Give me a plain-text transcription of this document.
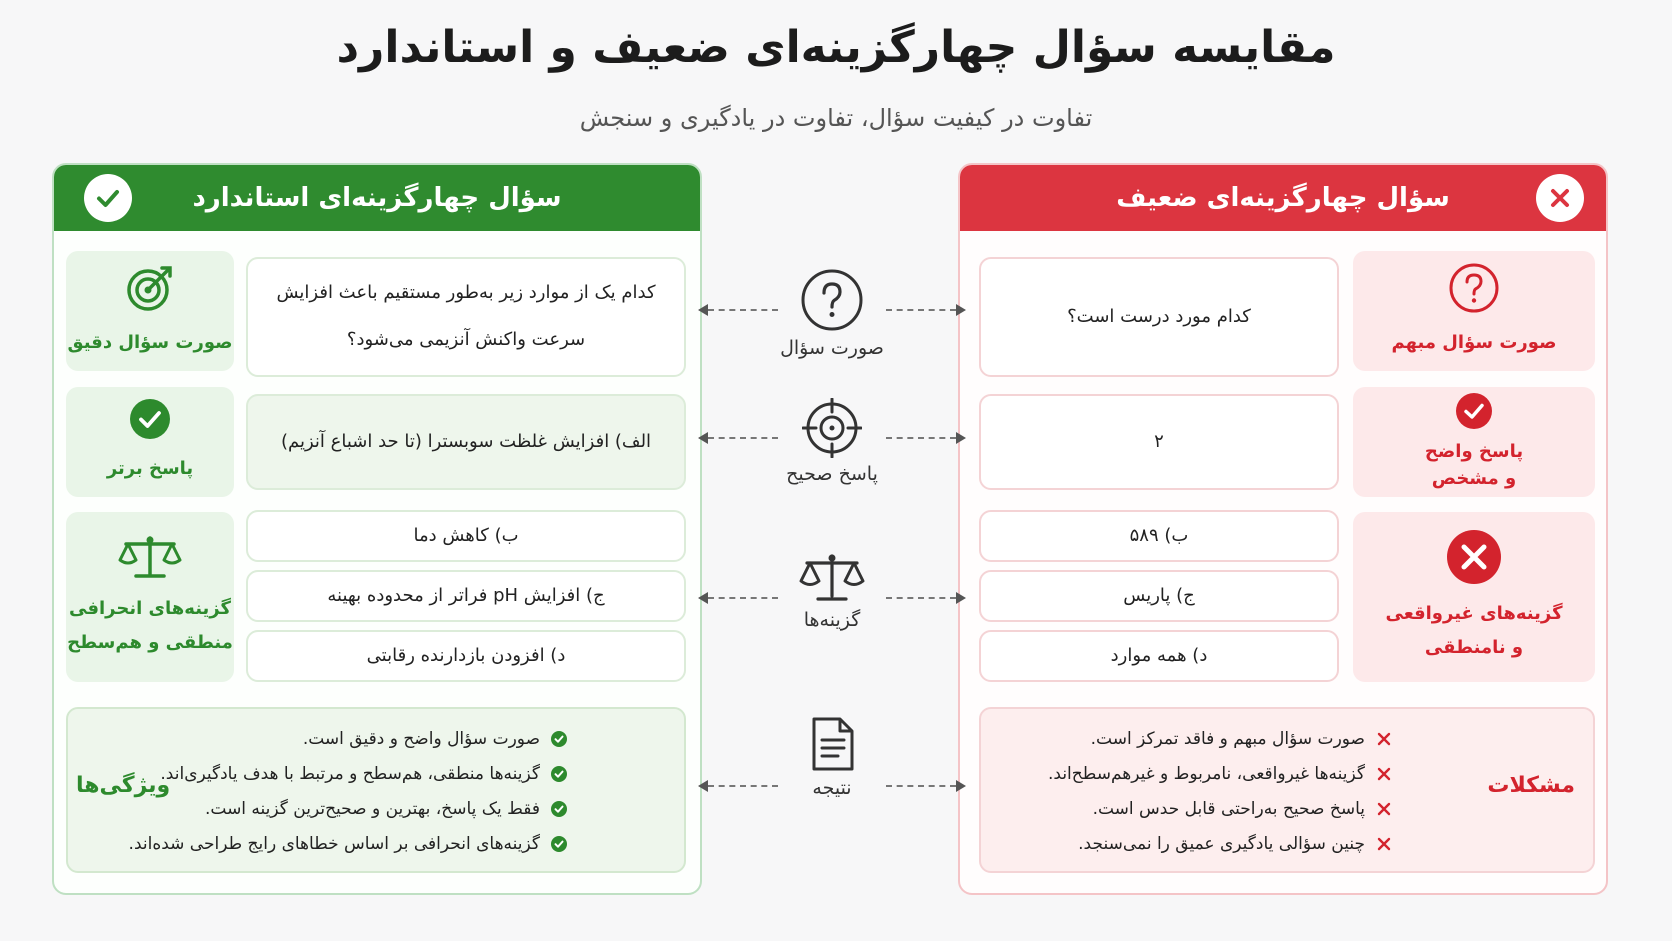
مقایسه سؤال چهارگزینه‌ای ضعیف و استاندارد
تفاوت در کیفیت سؤال، تفاوت در یادگیری و سنجش
سؤال چهارگزینه‌ای ضعیف
صورت سؤال مبهم
کدام مورد درست است؟
پاسخ واضح
و مشخص
۲
گزینه‌های غیرواقعی
و نامنطقی
ب) ۵۸۹
ج) پاریس
د) همه موارد
مشکلات
صورت سؤال مبهم و فاقد تمرکز است.
گزینه‌ها غیرواقعی، نامربوط و غیرهم‌سطح‌اند.
پاسخ صحیح به‌راحتی قابل حدس است.
چنین سؤالی یادگیری عمیق را نمی‌سنجد.
سؤال چهارگزینه‌ای استاندارد
صورت سؤال دقیق
کدام یک از موارد زیر به‌طور مستقیم باعث افزایش
سرعت واکنش آنزیمی می‌شود؟
پاسخ برتر
الف) افزایش غلظت سوبسترا (تا حد اشباع آنزیم)
گزینه‌های انحرافی
منطقی و هم‌سطح
ب) کاهش دما
ج) افزایش pH فراتر از محدوده بهینه
د) افزودن بازدارنده رقابتی
ویژگی‌ها
صورت سؤال واضح و دقیق است.
گزینه‌ها منطقی، هم‌سطح و مرتبط با هدف یادگیری‌اند.
فقط یک پاسخ، بهترین و صحیح‌ترین گزینه است.
گزینه‌های انحرافی بر اساس خطاهای رایج طراحی شده‌اند.
صورت سؤال
پاسخ صحیح
گزینه‌ها
نتیجه
